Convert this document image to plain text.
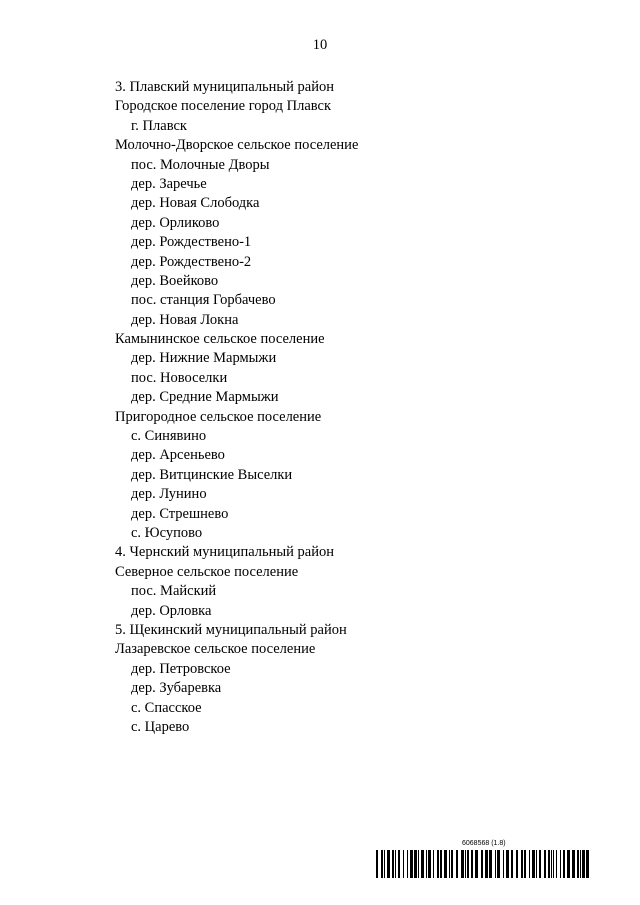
10
3. Плавский муниципальный район
Городское поселение город Плавск
г. Плавск
Молочно-Дворское сельское поселение
пос. Молочные Дворы
дер. Заречье
дер. Новая Слободка
дер. Орликово
дер. Рождествено-1
дер. Рождествено-2
дер. Воейково
пос. станция Горбачево
дер. Новая Локна
Камынинское сельское поселение
дер. Нижние Мармыжи
пос. Новоселки
дер. Средние Мармыжи
Пригородное сельское поселение
с. Синявино
дер. Арсеньево
дер. Витцинские Выселки
дер. Лунино
дер. Стрешнево
с. Юсупово
4. Чернский муниципальный район
Северное сельское поселение
пос. Майский
дер. Орловка
5. Щекинский муниципальный район
Лазаревское сельское поселение
дер. Петровское
дер. Зубаревка
с. Спасское
с. Царево
6068568 (1.8)
